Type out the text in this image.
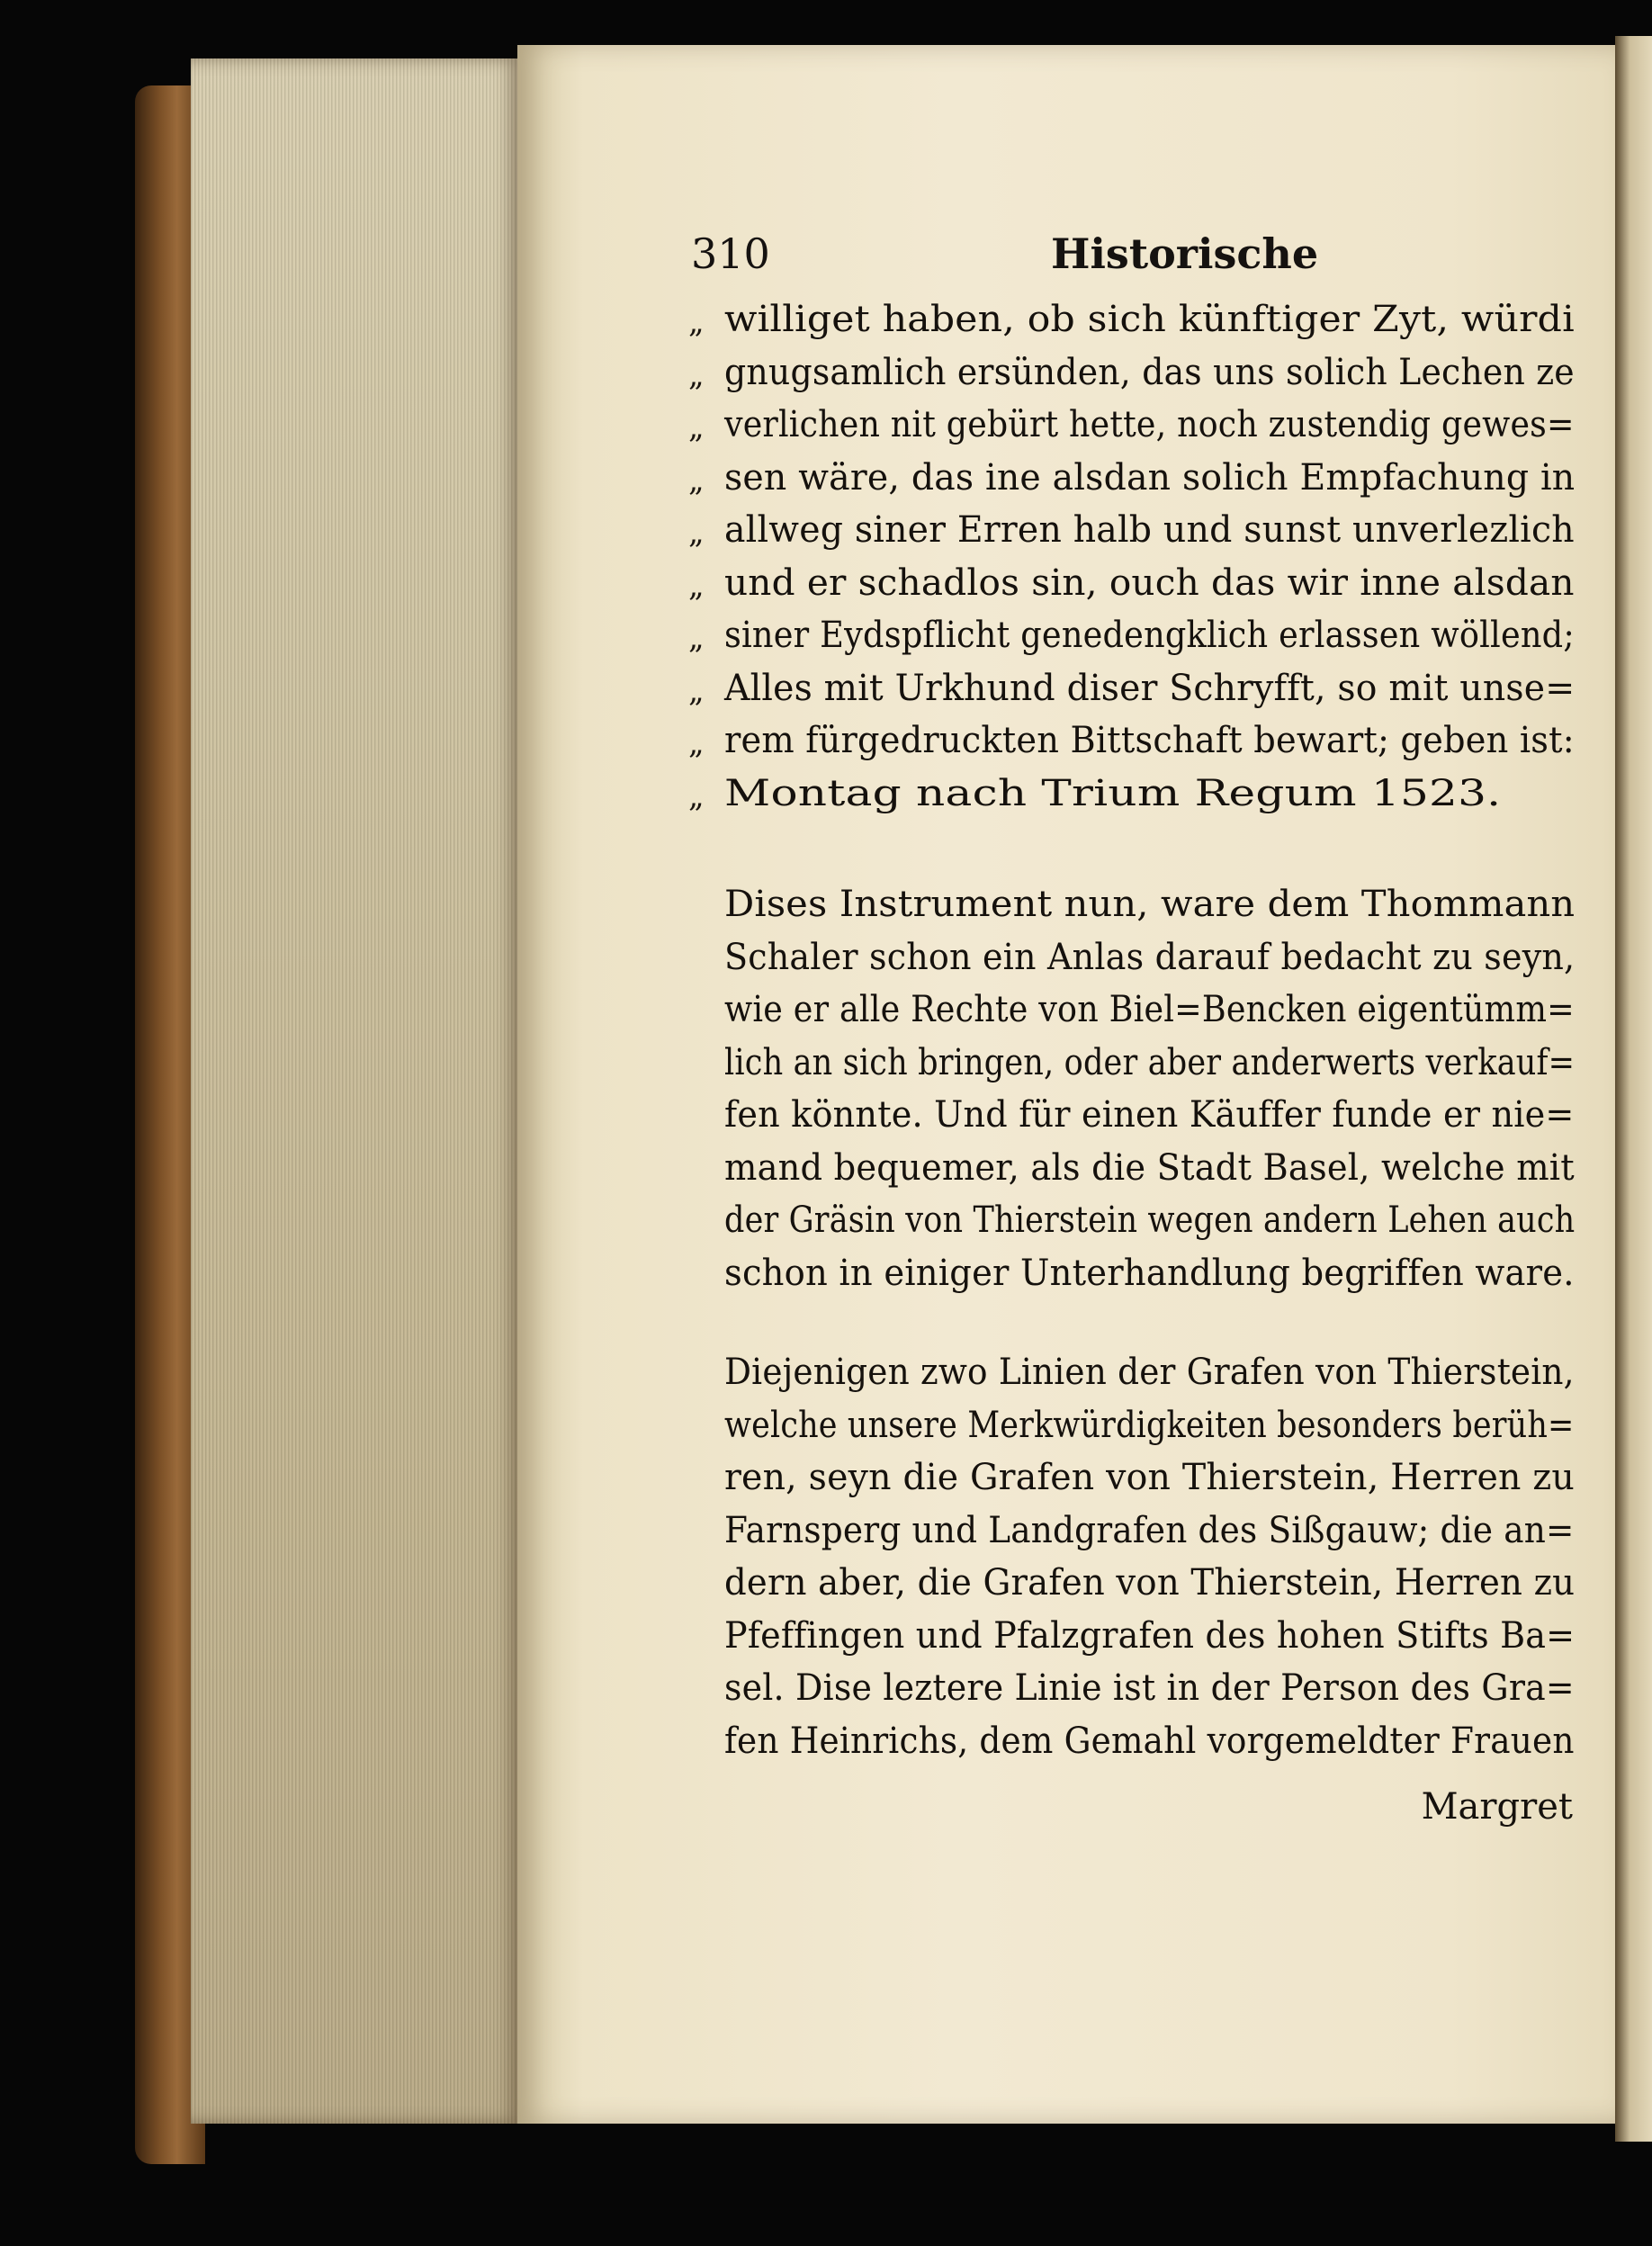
310	Historische
„ williget haben, ob sich künftiger Zyt, würdi
„ gnugsamlich ersünden, das uns solich Lechen ze
„ verlichen nit gebürt hette, noch zustendig gewes=
„ sen wäre, das ine alsdan solich Empfachung in
„ allweg siner Erren halb und sunst unverlezlich
„ und er schadlos sin, ouch das wir inne alsdan
„ siner Eydspflicht genedengklich erlassen wöllend;
„ Alles mit Urkhund diser Schryfft, so mit unse=
„ rem fürgedruckten Bittschaft bewart; geben ist:
„ Montag nach Trium Regum 1523.
Dises Instrument nun, ware dem Thommann
Schaler schon ein Anlas darauf bedacht zu seyn,
wie er alle Rechte von Biel=Bencken eigentümm=
lich an sich bringen, oder aber anderwerts verkauf=
fen könnte. Und für einen Käuffer funde er nie=
mand bequemer, als die Stadt Basel, welche mit
der Gräsin von Thierstein wegen andern Lehen auch
schon in einiger Unterhandlung begriffen ware.
Diejenigen zwo Linien der Grafen von Thierstein,
welche unsere Merkwürdigkeiten besonders berüh=
ren, seyn die Grafen von Thierstein, Herren zu
Farnsperg und Landgrafen des Sißgauw; die an=
dern aber, die Grafen von Thierstein, Herren zu
Pfeffingen und Pfalzgrafen des hohen Stifts Ba=
sel. Dise leztere Linie ist in der Person des Gra=
fen Heinrichs, dem Gemahl vorgemeldter Frauen
Margret
